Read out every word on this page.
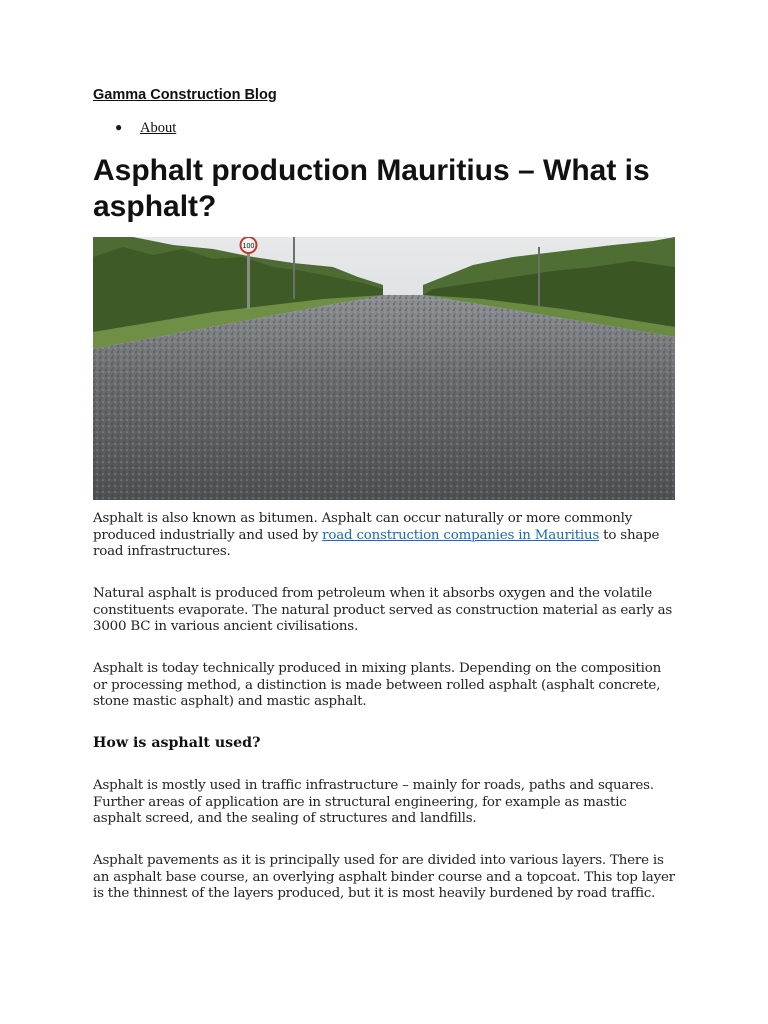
Gamma Construction Blog
● About
Asphalt production Mauritius – What is asphalt?
100

Asphalt is also known as bitumen. Asphalt can occur naturally or more commonly produced industrially and used by road construction companies in Mauritius to shape road infrastructures.

Natural asphalt is produced from petroleum when it absorbs oxygen and the volatile constituents evaporate. The natural product served as construction material as early as 3000 BC in various ancient civilisations.

Asphalt is today technically produced in mixing plants. Depending on the composition or processing method, a distinction is made between rolled asphalt (asphalt concrete, stone mastic asphalt) and mastic asphalt.

How is asphalt used?

Asphalt is mostly used in traffic infrastructure – mainly for roads, paths and squares. Further areas of application are in structural engineering, for example as mastic asphalt screed, and the sealing of structures and landfills.

Asphalt pavements as it is principally used for are divided into various layers. There is an asphalt base course, an overlying asphalt binder course and a topcoat. This top layer is the thinnest of the layers produced, but it is most heavily burdened by road traffic.
